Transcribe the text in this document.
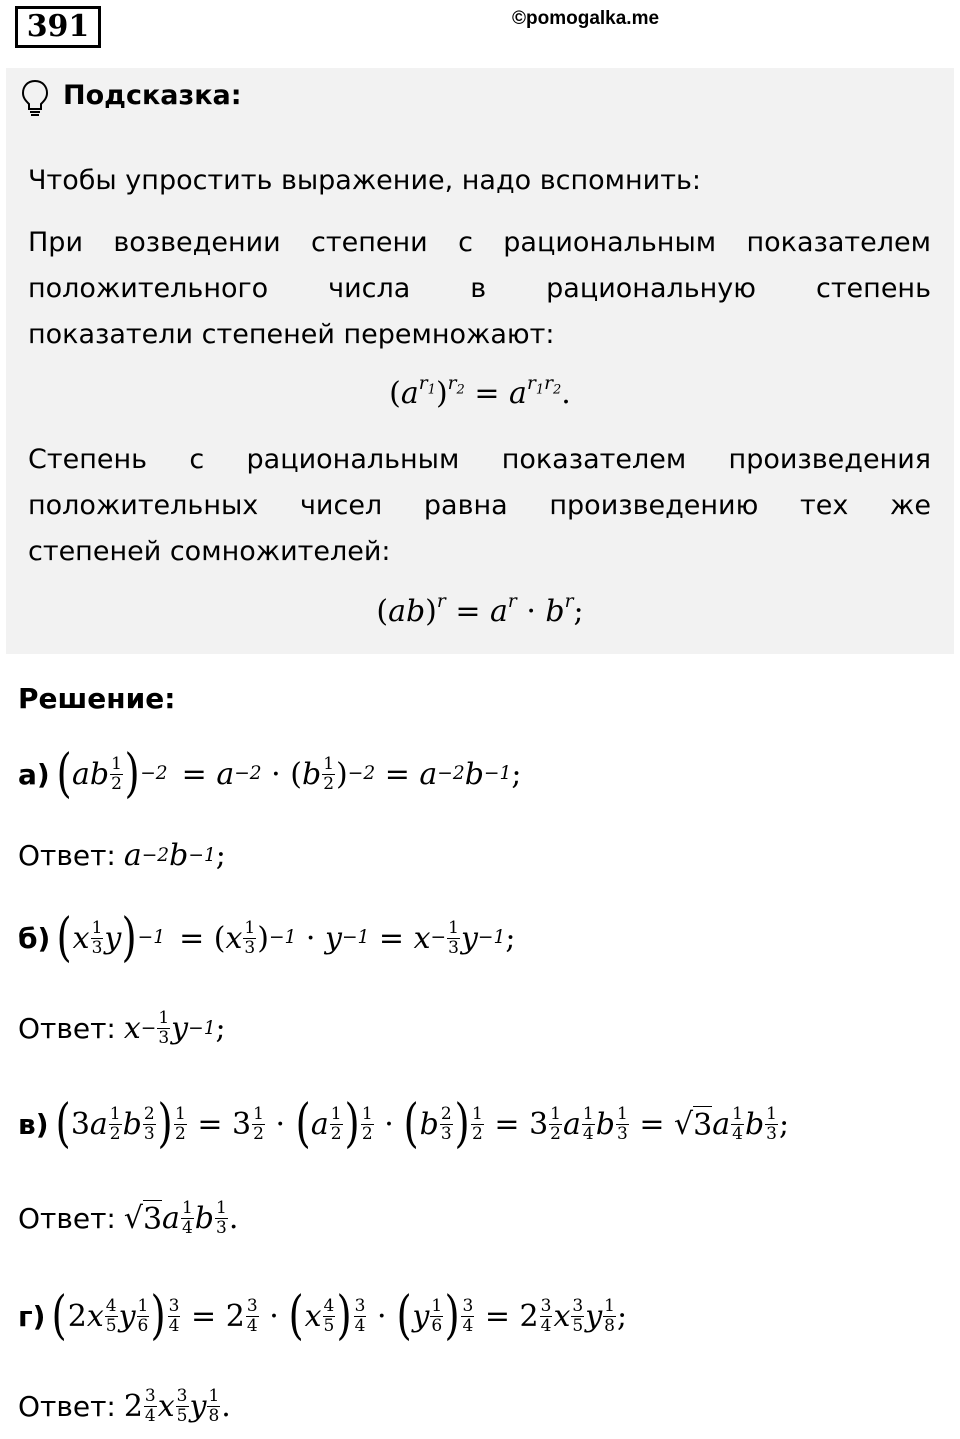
391	©pomogalka.me
Подсказка:
Чтобы упростить выражение, надо вспомнить:
При возведении степени с рациональным показателем
положительного числа в рациональную степень
показатели степеней перемножают:
$(a^{r_1})^{r_2} = a^{r_1r_2}$.
Степень с рациональным показателем произведения
положительных чисел равна произведению тех же
степеней сомножителей:
$(ab)^r = a^r \cdot b^r$;
Решение:
а) ( ab $\frac{1}{2}$ ) −2 = a −2
·
( b $\frac{1}{2}$ ) −2
= a −2 b −1 ;
Ответ: a −2 b −1 ;
б) ( x $\frac{1}{3}$ y ) −1 =
( x $\frac{1}{3}$ ) −1
· y −1
= $x - \frac{1}{3}$ y −1 ;
Ответ: $x - \frac{1}{3}$ y −1 ;
в) ( 3 a $\frac{1}{2}$ b $\frac{2}{3}$ ) $\frac{1}{2}$
=
$3 \frac{1}{2}$
·
( a $\frac{1}{2}$ ) $\frac{1}{2}$
·
( b $\frac{2}{3}$ ) $\frac{1}{2}$
=
$3 \frac{1}{2}$ a $\frac{1}{4}$ b $\frac{1}{3}$
=
√ 3 a $\frac{1}{4}$ b $\frac{1}{3}$ ;
Ответ: √ 3 a $\frac{1}{4}$ b $\frac{1}{3}$ .
г) ( 2 x $\frac{4}{5}$ y $\frac{1}{6}$ ) $\frac{3}{4}$
=
$2 \frac{3}{4}$
·
( x $\frac{4}{5}$ ) $\frac{3}{4}$
·
( y $\frac{1}{6}$ ) $\frac{3}{4}$
=
$2 \frac{3}{4}$ x $\frac{3}{5}$ y $\frac{1}{8}$ ;
Ответ: $2 \frac{3}{4}$ x $\frac{3}{5}$ y $\frac{1}{8}$ .
